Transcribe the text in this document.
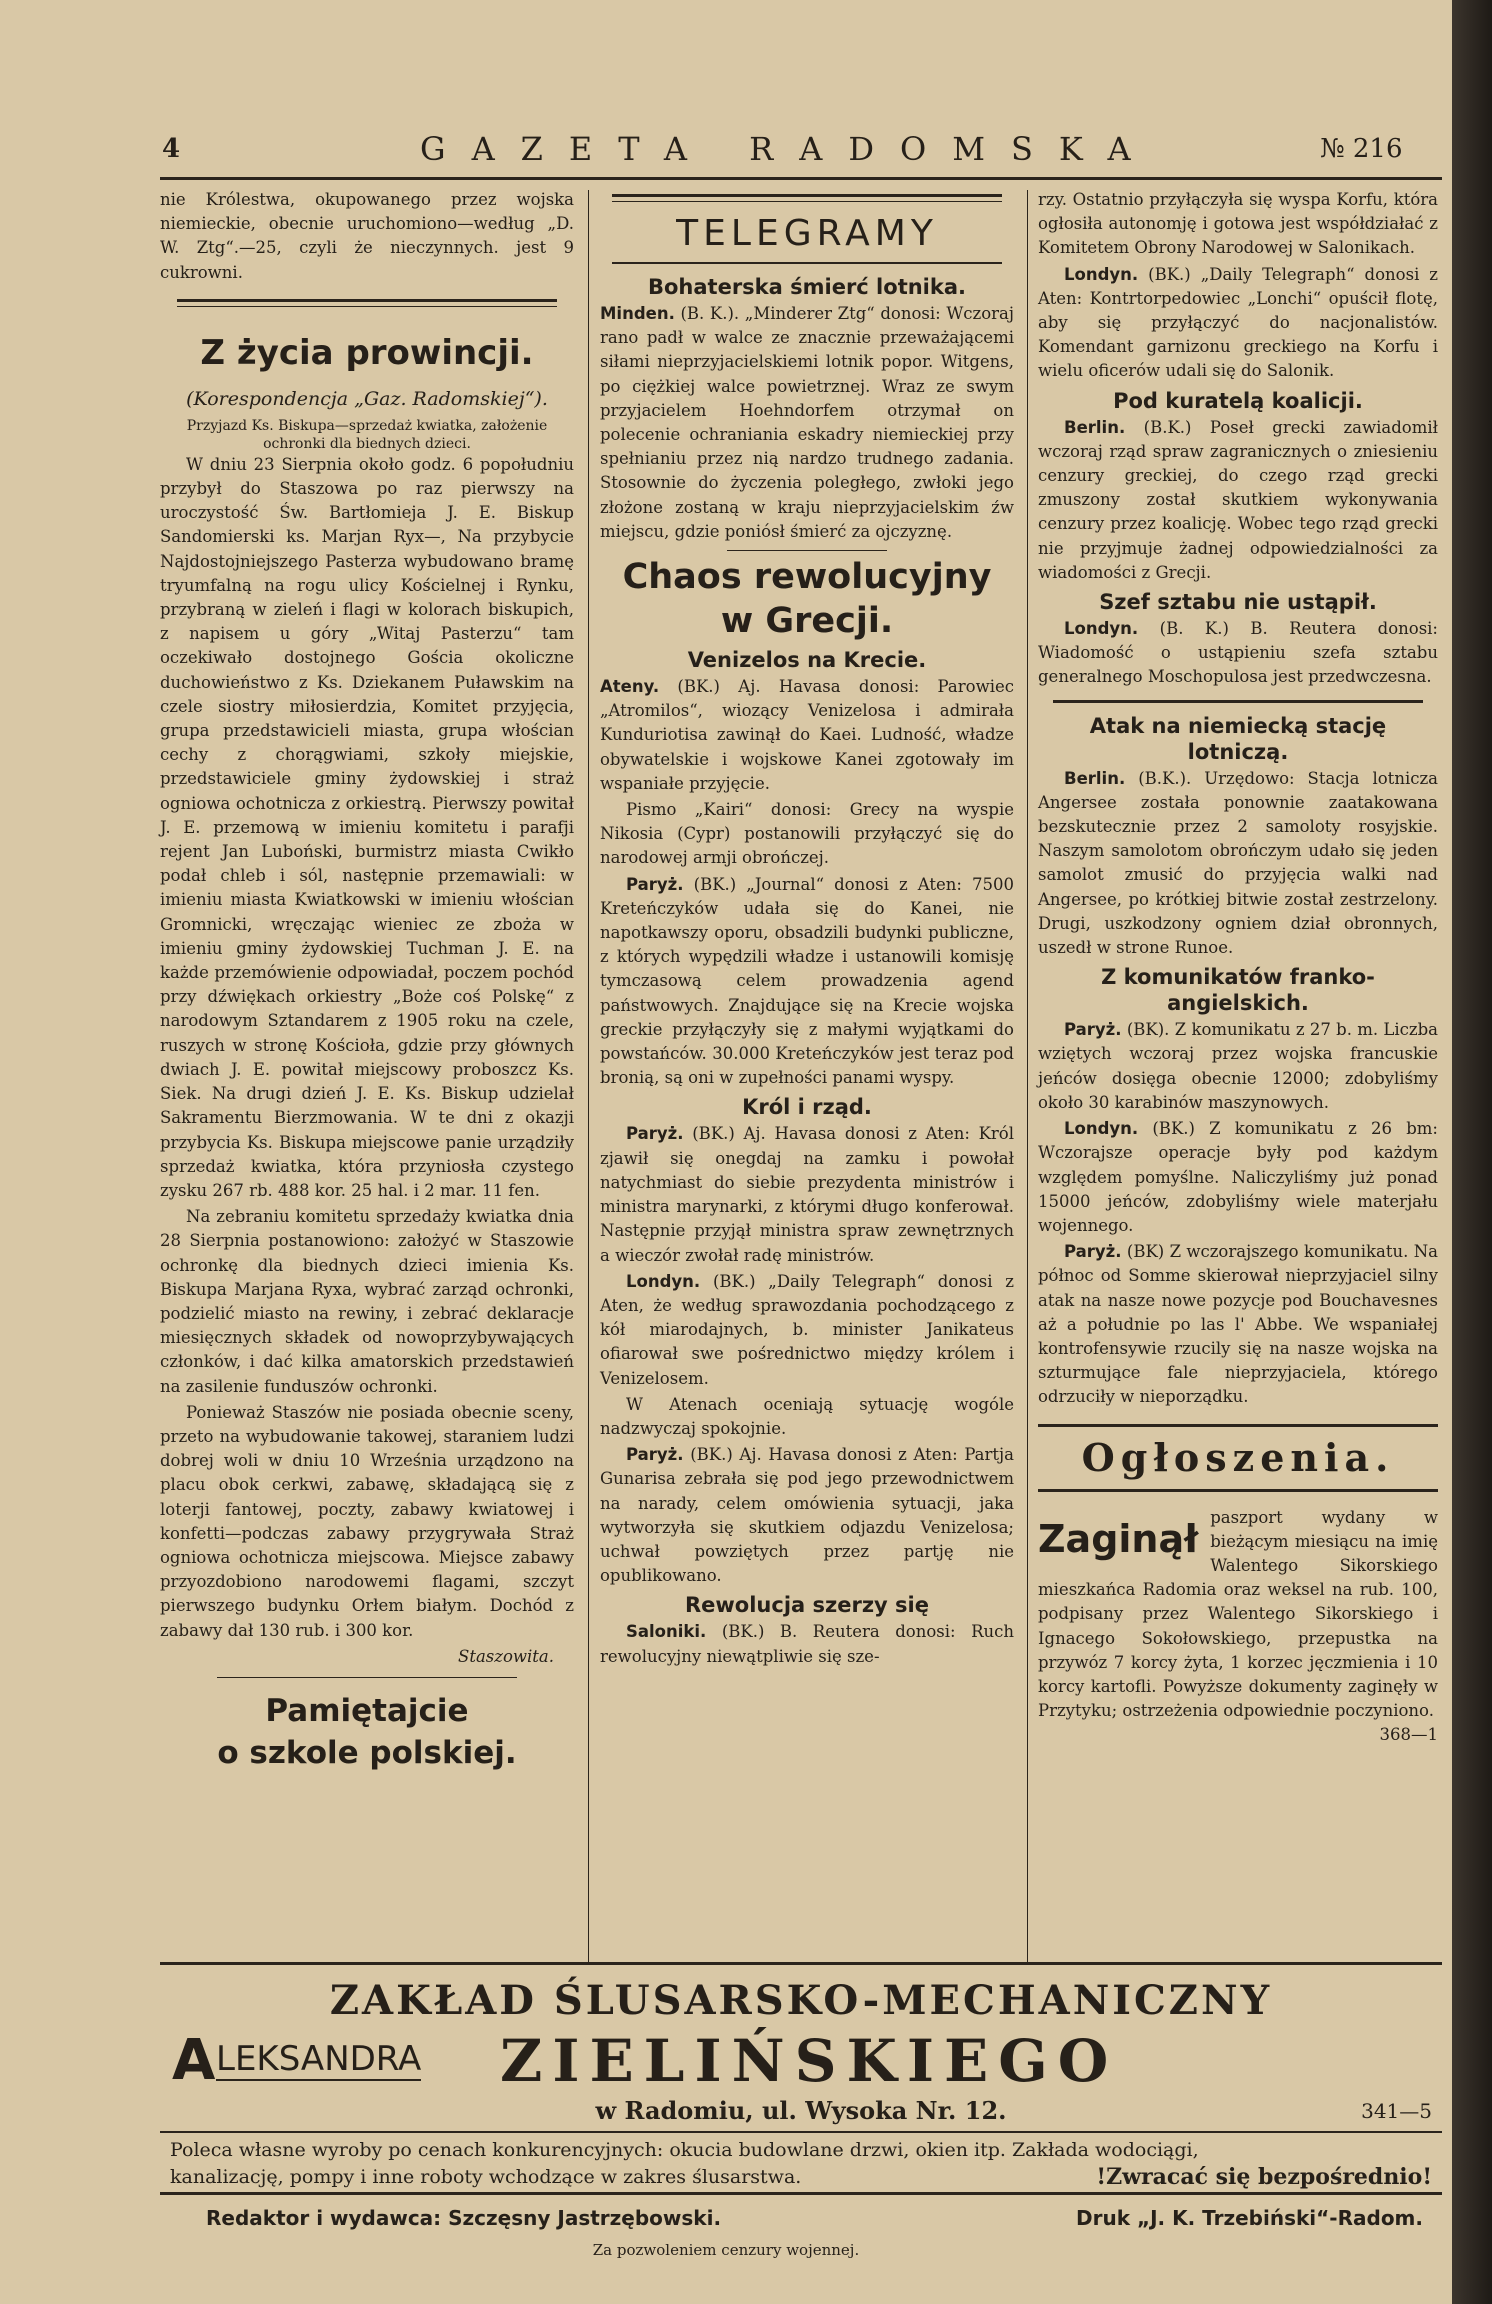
4	GAZETA RADOMSKA	№ 216

nie Królestwa, okupowanego przez wojska niemieckie, obecnie uruchomiono—według „D. W. Ztg“.—25, czyli że nieczynnych. jest 9 cukrowni.

Z życia prowincji.
(Korespondencja „Gaz. Radomskiej“).
Przyjazd Ks. Biskupa—sprzedaż kwiatka, założenie ochronki dla biednych dzieci.

W dniu 23 Sierpnia około godz. 6 popołudniu przybył do Staszowa po raz pierwszy na uroczystość Św. Bartłomieja J. E. Biskup Sandomierski ks. Marjan Ryx—, Na przybycie Najdostojniejszego Pasterza wybudowano bramę tryumfalną na rogu ulicy Kościelnej i Rynku, przybraną w zieleń i flagi w kolorach biskupich, z napisem u góry „Witaj Pasterzu“ tam oczekiwało dostojnego Gościa okoliczne duchowieństwo z Ks. Dziekanem Puławskim na czele siostry miłosierdzia, Komitet przyjęcia, grupa przedstawicieli miasta, grupa włościan cechy z chorągwiami, szkoły miejskie, przedstawiciele gminy żydowskiej i straż ogniowa ochotnicza z orkiestrą. Pierwszy powitał J. E. przemową w imieniu komitetu i parafji rejent Jan Luboński, burmistrz miasta Cwikło podał chleb i sól, następnie przemawiali: w imieniu miasta Kwiatkowski w imieniu włościan Gromnicki, wręczając wieniec ze zboża w imieniu gminy żydowskiej Tuchman J. E. na każde przemówienie odpowiadał, poczem pochód przy dźwiękach orkiestry „Boże coś Polskę“ z narodowym Sztandarem z 1905 roku na czele, ruszych w stronę Kościoła, gdzie przy głównych dwiach J. E. powitał miejscowy proboszcz Ks. Siek. Na drugi dzień J. E. Ks. Biskup udzielał Sakramentu Bierzmowania. W te dni z okazji przybycia Ks. Biskupa miejscowe panie urządziły sprzedaż kwiatka, która przyniosła czystego zysku 267 rb. 488 kor. 25 hal. i 2 mar. 11 fen.

Na zebraniu komitetu sprzedaży kwiatka dnia 28 Sierpnia postanowiono: założyć w Staszowie ochronkę dla biednych dzieci imienia Ks. Biskupa Marjana Ryxa, wybrać zarząd ochronki, podzielić miasto na rewiny, i zebrać deklaracje miesięcznych składek od nowoprzybywających członków, i dać kilka amatorskich przedstawień na zasilenie funduszów ochronki.

Ponieważ Staszów nie posiada obecnie sceny, przeto na wybudowanie takowej, staraniem ludzi dobrej woli w dniu 10 Września urządzono na placu obok cerkwi, zabawę, składającą się z loterji fantowej, poczty, zabawy kwiatowej i konfetti—podczas zabawy przygrywała Straż ogniowa ochotnicza miejscowa. Miejsce zabawy przyozdobiono narodowemi flagami, szczyt pierwszego budynku Orłem białym. Dochód z zabawy dał 130 rub. i 300 kor.

Staszowita.
Pamiętajcie
o szkole polskiej.
TELEGRAMY
Bohaterska śmierć lotnika.

Minden. (B. K.). „Minderer Ztg“ donosi: Wczoraj rano padł w walce ze znacznie przeważającemi siłami nieprzyjacielskiemi lotnik popor. Witgens, po ciężkiej walce powietrznej. Wraz ze swym przyjacielem Hoehndorfem otrzymał on polecenie ochraniania eskadry niemieckiej przy spełnianiu przez nią nardzo trudnego zadania. Stosownie do życzenia poległego, zwłoki jego złożone zostaną w kraju nieprzyjacielskim źw miejscu, gdzie poniósł śmierć za ojczyznę.

Chaos rewolucyjny
w Grecji.
Venizelos na Krecie.

Ateny. (BK.) Aj. Havasa donosi: Parowiec „Atromilos“, wiozący Venizelosa i admirała Kunduriotisa zawinął do Kaei. Ludność, władze obywatelskie i wojskowe Kanei zgotowały im wspaniałe przyjęcie.

Pismo „Kairi“ donosi: Grecy na wyspie Nikosia (Cypr) postanowili przyłączyć się do narodowej armji obrończej.

Paryż. (BK.) „Journal“ donosi z Aten: 7500 Kreteńczyków udała się do Kanei, nie napotkawszy oporu, obsadzili budynki publiczne, z których wypędzili władze i ustanowili komisję tymczasową celem prowadzenia agend państwowych. Znajdujące się na Krecie wojska greckie przyłączyły się z małymi wyjątkami do powstańców. 30.000 Kreteńczyków jest teraz pod bronią, są oni w zupełności panami wyspy.

Król i rząd.

Paryż. (BK.) Aj. Havasa donosi z Aten: Król zjawił się onegdaj na zamku i powołał natychmiast do siebie prezydenta ministrów i ministra marynarki, z którymi długo konferował. Następnie przyjął ministra spraw zewnętrznych a wieczór zwołał radę ministrów.

Londyn. (BK.) „Daily Telegraph“ donosi z Aten, że według sprawozdania pochodzącego z kół miarodajnych, b. minister Janikateus ofiarował swe pośrednictwo między królem i Venizelosem.

W Atenach oceniają sytuację wogóle nadzwyczaj spokojnie.

Paryż. (BK.) Aj. Havasa donosi z Aten: Partja Gunarisa zebrała się pod jego przewodnictwem na narady, celem omówienia sytuacji, jaka wytworzyła się skutkiem odjazdu Venizelosa; uchwał powziętych przez partję nie opublikowano.

Rewolucja szerzy się

Saloniki. (BK.) B. Reutera donosi: Ruch rewolucyjny niewątpliwie się sze-

rzy. Ostatnio przyłączyła się wyspa Korfu, która ogłosiła autonomję i gotowa jest współdziałać z Komitetem Obrony Narodowej w Salonikach.

Londyn. (BK.) „Daily Telegraph“ donosi z Aten: Kontrtorpedowiec „Lonchi“ opuścił flotę, aby się przyłączyć do nacjonalistów. Komendant garnizonu greckiego na Korfu i wielu oficerów udali się do Salonik.

Pod kuratelą koalicji.

Berlin. (B.K.) Poseł grecki zawiadomił wczoraj rząd spraw zagranicznych o zniesieniu cenzury greckiej, do czego rząd grecki zmuszony został skutkiem wykonywania cenzury przez koalicję. Wobec tego rząd grecki nie przyjmuje żadnej odpowiedzialności za wiadomości z Grecji.

Szef sztabu nie ustąpił.

Londyn. (B. K.) B. Reutera donosi: Wiadomość o ustąpieniu szefa sztabu generalnego Moschopulosa jest przedwczesna.

Atak na niemiecką stację lotniczą.

Berlin. (B.K.). Urzędowo: Stacja lotnicza Angersee została ponownie zaatakowana bezskutecznie przez 2 samoloty rosyjskie. Naszym samolotom obrończym udało się jeden samolot zmusić do przyjęcia walki nad Angersee, po krótkiej bitwie został zestrzelony. Drugi, uszkodzony ogniem dział obronnych, uszedł w strone Runoe.

Z komunikatów franko-angielskich.

Paryż. (BK). Z komunikatu z 27 b. m. Liczba wziętych wczoraj przez wojska francuskie jeńców dosięga obecnie 12000; zdobyliśmy około 30 karabinów maszynowych.

Londyn. (BK.) Z komunikatu z 26 bm: Wczorajsze operacje były pod każdym względem pomyślne. Naliczyliśmy już ponad 15000 jeńców, zdobyliśmy wiele materjału wojennego.

Paryż. (BK) Z wczorajszego komunikatu. Na północ od Somme skierował nieprzyjaciel silny atak na nasze nowe pozycje pod Bouchavesnes aż a południe po las l' Abbe. We wspaniałej kontrofensywie rzucily się na nasze wojska na szturmujące fale nieprzyjaciela, którego odrzuciły w nieporządku.

Ogłoszenia.
Zaginął paszport wydany w bieżącym miesiącu na imię Walentego Sikorskiego mieszkańca Radomia oraz weksel na rub. 100, podpisany przez Walentego Sikorskiego i Ignacego Sokołowskiego, przepustka na przywóz 7 korcy żyta, 1 korzec jęczmienia i 10 korcy kartofli. Powyższe dokumenty zaginęły w Przytyku; ostrzeżenia odpowiednie poczyniono.
368—1
ZAKŁAD ŚLUSARSKO-MECHANICZNY
A LEKSANDRA ZIELIŃSKIEGO
w Radomiu, ul. Wysoka Nr. 12.	341—5
Poleca własne wyroby po cenach konkurencyjnych: okucia budowlane drzwi, okien itp. Zakłada wodociągi,
kanalizację, pompy i inne roboty wchodzące w zakres ślusarstwa.	!Zwracać się bezpośrednio!
Redaktor i wydawca: Szczęsny Jastrzębowski.	Druk „J. K. Trzebiński“-Radom.
Za pozwoleniem cenzury wojennej.
